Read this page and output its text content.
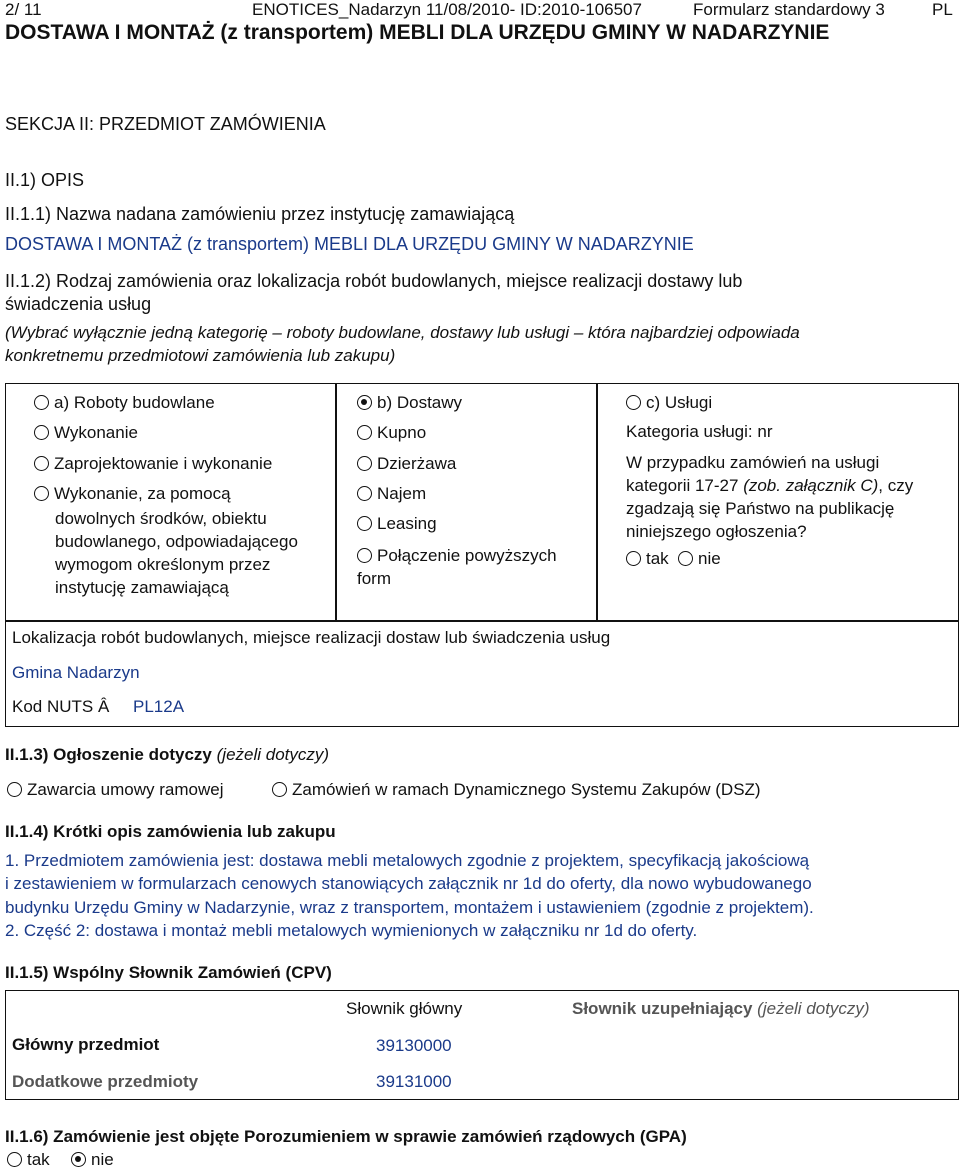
2/ 11	ENOTICES_Nadarzyn 11/08/2010- ID:2010-106507	Formularz standardowy 3	PL
DOSTAWA I MONTAŻ (z transportem) MEBLI DLA URZĘDU GMINY W NADARZYNIE
SEKCJA II: PRZEDMIOT ZAMÓWIENIA
II.1) OPIS
II.1.1) Nazwa nadana zamówieniu przez instytucję zamawiającą
DOSTAWA I MONTAŻ (z transportem) MEBLI DLA URZĘDU GMINY W NADARZYNIE
II.1.2) Rodzaj zamówienia oraz lokalizacja robót budowlanych, miejsce realizacji dostawy lub
świadczenia usług
(Wybrać wyłącznie jedną kategorię – roboty budowlane, dostawy lub usługi – która najbardziej odpowiada
konkretnemu przedmiotowi zamówienia lub zakupu)
a) Roboty budowlane
Wykonanie
Zaprojektowanie i wykonanie
Wykonanie, za pomocą
dowolnych środków, obiektu budowlanego, odpowiadającego wymogom określonym przez instytucję zamawiającą
b) Dostawy
Kupno
Dzierżawa
Najem
Leasing
Połączenie powyższych form
c) Usługi
Kategoria usługi: nr
W przypadku zamówień na usługi kategorii 17-27 (zob. załącznik C), czy zgadzają się Państwo na publikację niniejszego ogłoszenia?
tak	nie
Lokalizacja robót budowlanych, miejsce realizacji dostaw lub świadczenia usług
Gmina Nadarzyn
Kod NUTS Â PL12A
II.1.3) Ogłoszenie dotyczy (jeżeli dotyczy)
Zawarcia umowy ramowej	Zamówień w ramach Dynamicznego Systemu Zakupów (DSZ)
II.1.4) Krótki opis zamówienia lub zakupu
1. Przedmiotem zamówienia jest: dostawa mebli metalowych zgodnie z projektem, specyfikacją jakościową
i zestawieniem w formularzach cenowych stanowiących załącznik nr 1d do oferty, dla nowo wybudowanego
budynku Urzędu Gminy w Nadarzynie, wraz z transportem, montażem i ustawieniem (zgodnie z projektem).
2. Część 2: dostawa i montaż mebli metalowych wymienionych w załączniku nr 1d do oferty.
II.1.5) Wspólny Słownik Zamówień (CPV)
Słownik główny	Słownik uzupełniający (jeżeli dotyczy)
Główny przedmiot	39130000
Dodatkowe przedmioty	39131000
II.1.6) Zamówienie jest objęte Porozumieniem w sprawie zamówień rządowych (GPA)
tak	nie
